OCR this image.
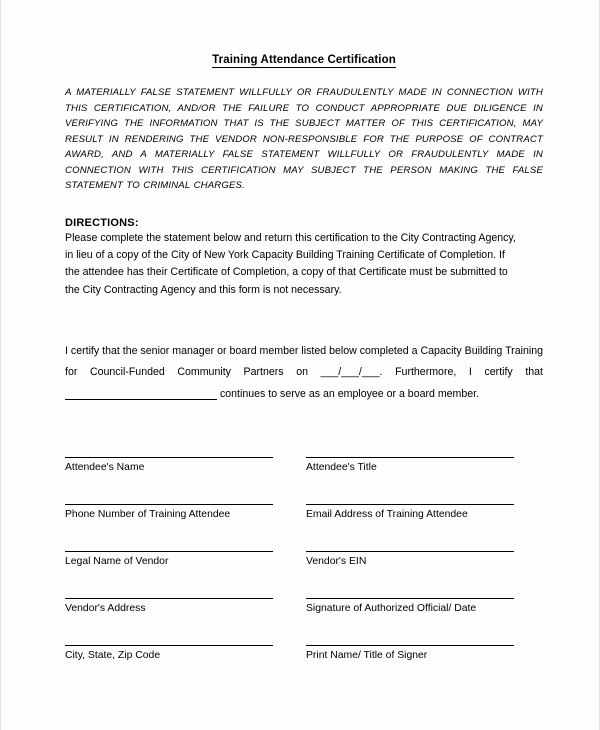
Training Attendance Certification
A MATERIALLY FALSE STATEMENT WILLFULLY OR FRAUDULENTLY MADE IN CONNECTION WITH THIS CERTIFICATION, AND/OR THE FAILURE TO CONDUCT APPROPRIATE DUE DILIGENCE IN VERIFYING THE INFORMATION THAT IS THE SUBJECT MATTER OF THIS CERTIFICATION, MAY RESULT IN RENDERING THE VENDOR NON-RESPONSIBLE FOR THE PURPOSE OF CONTRACT AWARD, AND A MATERIALLY FALSE STATEMENT WILLFULLY OR FRAUDULENTLY MADE IN CONNECTION WITH THIS CERTIFICATION MAY SUBJECT THE PERSON MAKING THE FALSE STATEMENT TO CRIMINAL CHARGES.
DIRECTIONS:
Please complete the statement below and return this certification to the City Contracting Agency, in lieu of a copy of the City of New York Capacity Building Training Certificate of Completion. If the attendee has their Certificate of Completion, a copy of that Certificate must be submitted to the City Contracting Agency and this form is not necessary.

I certify that the senior manager or board member listed below completed a Capacity Building Training for Council-Funded Community Partners on ___/___/___. Furthermore, I certify that  continues to serve as an employee or a board member.

Attendee's Name	Attendee's Title
Phone Number of Training Attendee	Email Address of Training Attendee
Legal Name of Vendor	Vendor's EIN
Vendor's Address	Signature of Authorized Official/ Date
City, State, Zip Code	Print Name/ Title of Signer
